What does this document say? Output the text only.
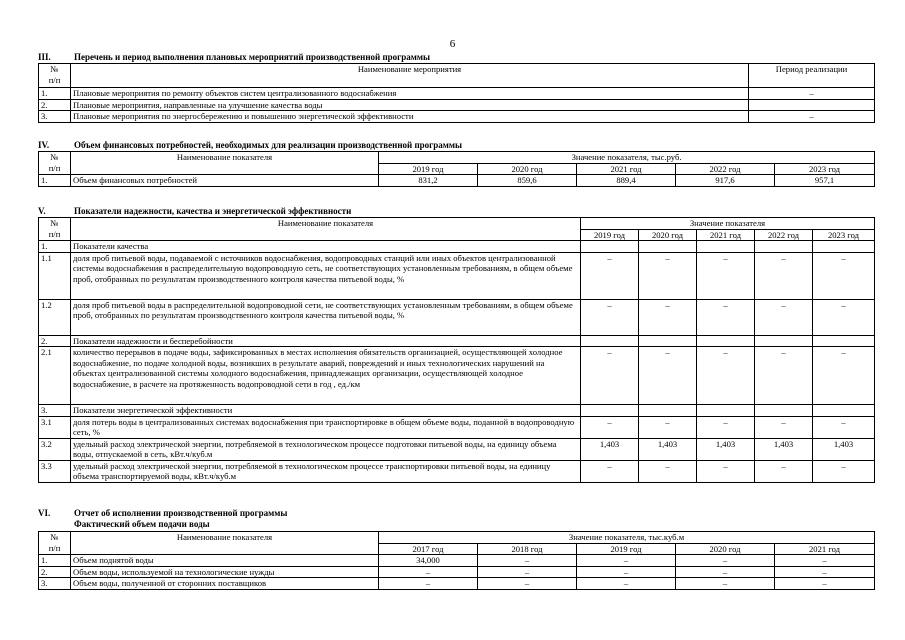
6
III.	Перечень и период выполнения плановых мероприятий производственной программы
№
п/п	Наименование мероприятия	Период реализации
1.	Плановые мероприятия по ремонту объектов систем централизованного водоснабжения	–
2.	Плановые мероприятия, направленные на улучшение качества воды	
3.	Плановые мероприятия по энергосбережению и повышению энергетической эффективности	–
IV.	Объем финансовых потребностей, необходимых для реализации производственной программы
№
п/п	Наименование показателя	Значение показателя, тыс.руб.				
		2019 год	2020 год	2021 год	2022 год	2023 год
1.	Объем финансовых потребностей	831,2	859,6	889,4	917,6	957,1
V.	Показатели надежности, качества и энергетической эффективности
№
п/п	Наименование показателя	Значение показателя				
		2019 год	2020 год	2021 год	2022 год	2023 год
1.	Показатели качества					
1.1	доля проб питьевой воды, подаваемой с источников водоснабжения, водопроводных станций или иных объектов централизованной системы водоснабжения в распределительную водопроводную сеть, не соответствующих установленным требованиям, в общем объеме проб, отобранных по результатам производственного контроля качества питьевой воды, %	–	–	–	–	–
1.2	доля проб питьевой воды в распределительной водопроводной сети, не соответствующих установленным требованиям, в общем объеме проб, отобранных по результатам производственного контроля качества питьевой воды, %	–	–	–	–	–
2.	Показатели надежности и бесперебойности					
2.1	количество перерывов в подаче воды, зафиксированных в местах исполнения обязательств организацией, осуществляющей холодное водоснабжение, по подаче холодной воды, возникших в результате аварий, повреждений и иных технологических нарушений на объектах централизованной системы холодного водоснабжения, принадлежащих организации, осуществляющей холодное водоснабжение, в расчете на протяженность водопроводной сети в год , ед./км	–	–	–	–	–
3.	Показатели энергетической эффективности					
3.1	доля потерь воды в централизованных системах водоснабжения при транспортировке в общем объеме воды, поданной в водопроводную сеть, %	–	–	–	–	–
3.2	удельный расход электрической энергии, потребляемой в технологическом процессе подготовки питьевой воды, на единицу объема воды, отпускаемой в сеть, кВт.ч/куб.м	1,403	1,403	1,403	1,403	1,403
3.3	удельный расход электрической энергии, потребляемой в технологическом процессе транспортировки питьевой воды, на единицу объема транспортируемой воды, кВт.ч/куб.м	–	–	–	–	–
VI.	Отчет об исполнении производственной программы
Фактический объем подачи воды
№
п/п	Наименование показателя	Значение показателя, тыс.куб.м				
		2017 год	2018 год	2019 год	2020 год	2021 год
1.	Объем поднятой воды	34,000	–	–	–	–
2.	Объем воды, используемой на технологические нужды	–	–	–	–	–
3.	Объем воды, полученной от сторонних поставщиков	–	–	–	–	–
